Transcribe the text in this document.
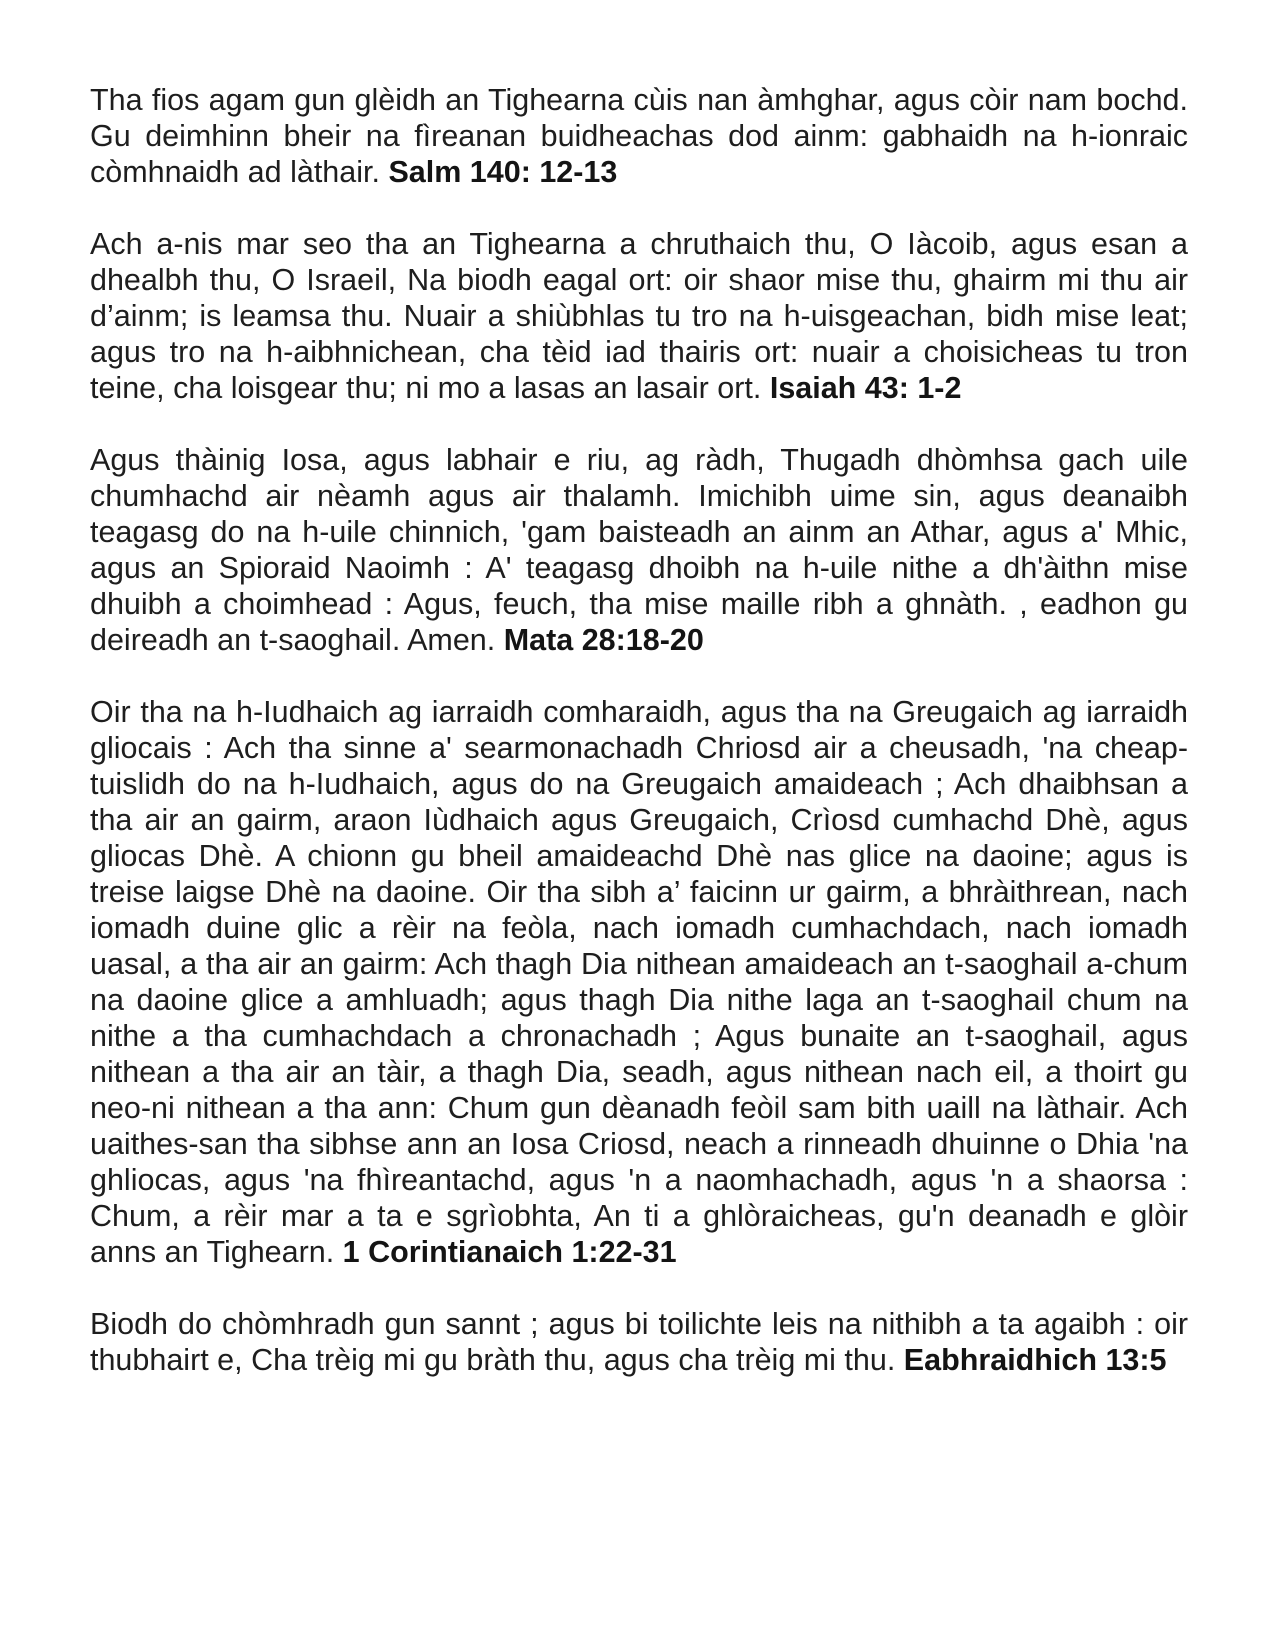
Tha fios agam gun glèidh an Tighearna cùis nan àmhghar, agus còir nam bochd. Gu deimhinn bheir na fìreanan buidheachas dod ainm: gabhaidh na h-ionraic còmhnaidh ad làthair. Salm 140: 12-13

Ach a-nis mar seo tha an Tighearna a chruthaich thu, O Iàcoib, agus esan a dhealbh thu, O Israeil, Na biodh eagal ort: oir shaor mise thu, ghairm mi thu air d’ainm; is leamsa thu. Nuair a shiùbhlas tu tro na h-uisgeachan, bidh mise leat; agus tro na h-aibhnichean, cha tèid iad thairis ort: nuair a choisicheas tu tron teine, cha loisgear thu; ni mo a lasas an lasair ort. Isaiah 43: 1-2

Agus thàinig Iosa, agus labhair e riu, ag ràdh, Thugadh dhòmhsa gach uile chumhachd air nèamh agus air thalamh. Imichibh uime sin, agus deanaibh teagasg do na h-uile chinnich, 'gam baisteadh an ainm an Athar, agus a' Mhic, agus an Spioraid Naoimh : A' teagasg dhoibh na h-uile nithe a dh'àithn mise dhuibh a choimhead : Agus, feuch, tha mise maille ribh a ghnàth. , eadhon gu deireadh an t-saoghail. Amen. Mata 28:18-20

Oir tha na h-Iudhaich ag iarraidh comharaidh, agus tha na Greugaich ag iarraidh gliocais : Ach tha sinne a' searmonachadh Chriosd air a cheusadh, 'na cheap-tuislidh do na h-Iudhaich, agus do na Greugaich amaideach ; Ach dhaibhsan a tha air an gairm, araon Iùdhaich agus Greugaich, Crìosd cumhachd Dhè, agus gliocas Dhè. A chionn gu bheil amaideachd Dhè nas glice na daoine; agus is treise laigse Dhè na daoine. Oir tha sibh a’ faicinn ur gairm, a bhràithrean, nach iomadh duine glic a rèir na feòla, nach iomadh cumhachdach, nach iomadh uasal, a tha air an gairm: Ach thagh Dia nithean amaideach an t-saoghail a-chum na daoine glice a amhluadh; agus thagh Dia nithe laga an t-saoghail chum na nithe a tha cumhachdach a chronachadh ; Agus bunaite an t-saoghail, agus nithean a tha air an tàir, a thagh Dia, seadh, agus nithean nach eil, a thoirt gu neo-ni nithean a tha ann: Chum gun dèanadh feòil sam bith uaill na làthair. Ach uaithes-san tha sibhse ann an Iosa Criosd, neach a rinneadh dhuinne o Dhia 'na ghliocas, agus 'na fhìreantachd, agus 'n a naomhachadh, agus 'n a shaorsa : Chum, a rèir mar a ta e sgrìobhta, An ti a ghlòraicheas, gu'n deanadh e glòir anns an Tighearn. 1 Corintianaich 1:22-31

Biodh do chòmhradh gun sannt ; agus bi toilichte leis na nithibh a ta agaibh : oir thubhairt e, Cha trèig mi gu bràth thu, agus cha trèig mi thu. Eabhraidhich 13:5
